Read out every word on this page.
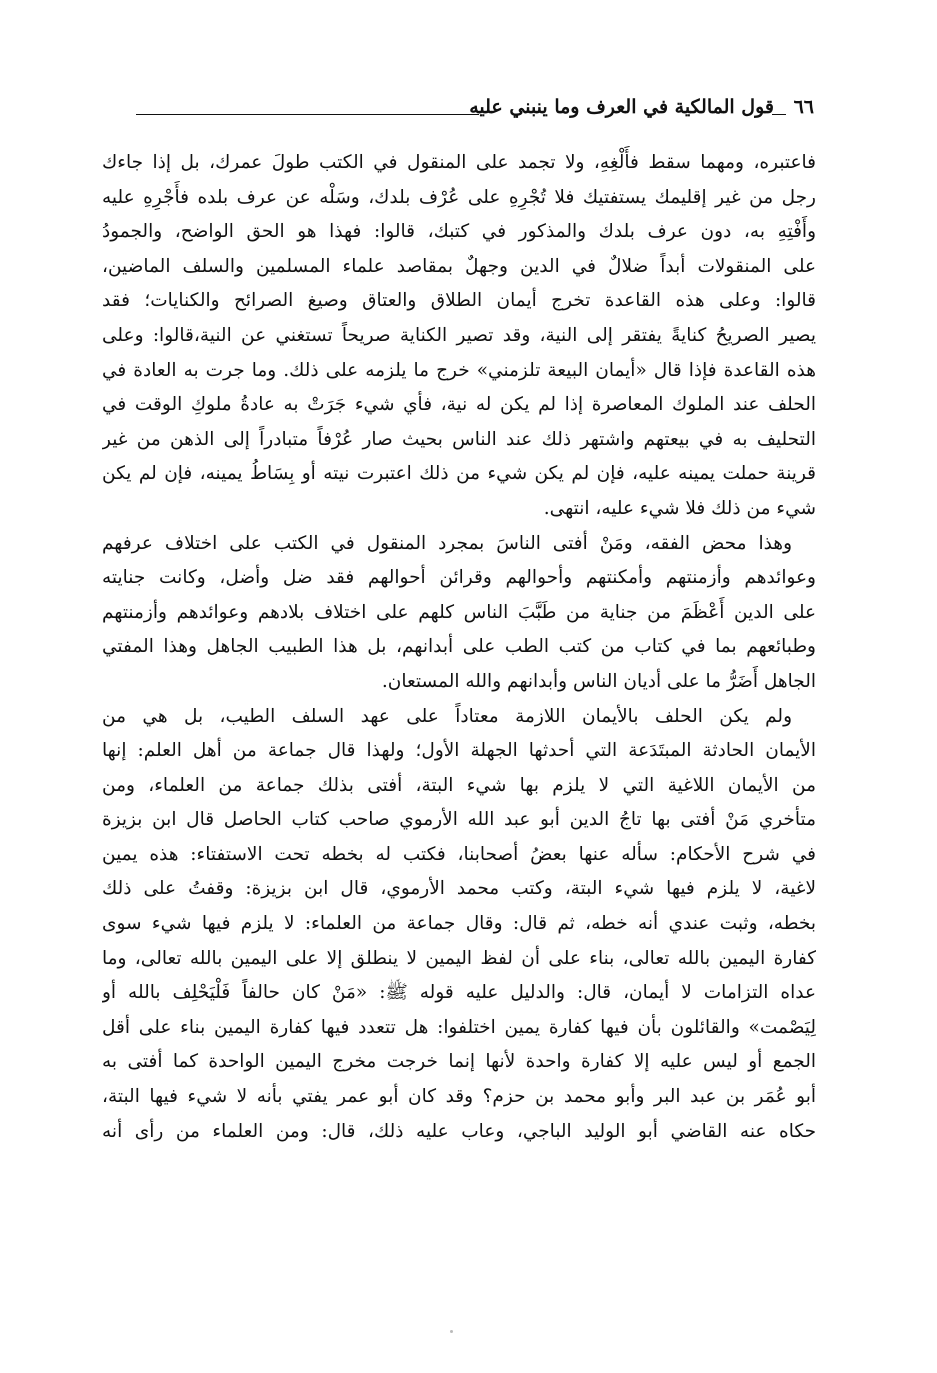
٦٦
قول المالكية في العرف وما ينبني عليه
فاعتبره، ومهما سقط فأَلْغِهِ، ولا تجمد على المنقول في الكتب طولَ عمرك، بل إذا جاءك
رجل من غير إقليمك يستفتيك فلا تُجْرِهِ على عُرْف بلدك، وسَلْه عن عرف بلده فأَجْرِهِ عليه
وأَفْتِهِ به، دون عرف بلدك والمذكور في كتبك، قالوا: فهذا هو الحق الواضح، والجمودُ
على المنقولات أبداً ضلالٌ في الدين وجهلٌ بمقاصد علماء المسلمين والسلف الماضين،
قالوا: وعلى هذه القاعدة تخرج أيمان الطلاق والعتاق وصيغ الصرائح والكنايات؛ فقد
يصير الصريحُ كنايةً يفتقر إلى النية، وقد تصير الكناية صريحاً تستغني عن النية،قالوا: وعلى
هذه القاعدة فإذا قال «أيمان البيعة تلزمني» خرج ما يلزمه على ذلك. وما جرت به العادة في
الحلف عند الملوك المعاصرة إذا لم يكن له نية، فأي شيء جَرَتْ به عادةُ ملوكِ الوقت في
التحليف به في بيعتهم واشتهر ذلك عند الناس بحيث صار عُرْفاً متبادراً إلى الذهن من غير
قرينة حملت يمينه عليه، فإن لم يكن شيء من ذلك اعتبرت نيته أو بِسَاطُ يمينه، فإن لم يكن
شيء من ذلك فلا شيء عليه، انتهى.
وهذا محض الفقه، ومَنْ أفتى الناسَ بمجرد المنقول في الكتب على اختلاف عرفهم
وعوائدهم وأزمنتهم وأمكنتهم وأحوالهم وقرائن أحوالهم فقد ضل وأضل، وكانت جنايته
على الدين أَعْظَمَ من جناية من طَبَّبَ الناس كلهم على اختلاف بلادهم وعوائدهم وأزمنتهم
وطبائعهم بما في كتاب من كتب الطب على أبدانهم، بل هذا الطبيب الجاهل وهذا المفتي
الجاهل أَضَرُّ ما على أديان الناس وأبدانهم والله المستعان.
ولم يكن الحلف بالأيمان اللازمة معتاداً على عهد السلف الطيب، بل هي من
الأيمان الحادثة المبتَدَعة التي أحدثها الجهلة الأول؛ ولهذا قال جماعة من أهل العلم: إنها
من الأيمان اللاغية التي لا يلزم بها شيء البتة، أفتى بذلك جماعة من العلماء، ومن
متأخري مَنْ أفتى بها تاجُ الدين أبو عبد الله الأرموي صاحب كتاب الحاصل قال ابن بزيزة
في شرح الأحكام: سأله عنها بعضُ أصحابنا، فكتب له بخطه تحت الاستفتاء: هذه يمين
لاغية، لا يلزم فيها شيء البتة، وكتب محمد الأرموي، قال ابن بزيزة: وقفتُ على ذلك
بخطه، وثبت عندي أنه خطه، ثم قال: وقال جماعة من العلماء: لا يلزم فيها شيء سوى
كفارة اليمين بالله تعالى، بناء على أن لفظ اليمين لا ينطلق إلا على اليمين بالله تعالى، وما
عداه التزامات لا أيمان، قال: والدليل عليه قوله ﷺ: «مَنْ كان حالفاً فَلْيَحْلِف بالله أو
لِيَصْمت» والقائلون بأن فيها كفارة يمين اختلفوا: هل تتعدد فيها كفارة اليمين بناء على أقل
الجمع أو ليس عليه إلا كفارة واحدة لأنها إنما خرجت مخرج اليمين الواحدة كما أفتى به
أبو عُمَر بن عبد البر وأبو محمد بن حزم؟ وقد كان أبو عمر يفتي بأنه لا شيء فيها البتة،
حكاه عنه القاضي أبو الوليد الباجي، وعاب عليه ذلك، قال: ومن العلماء من رأى أنه
